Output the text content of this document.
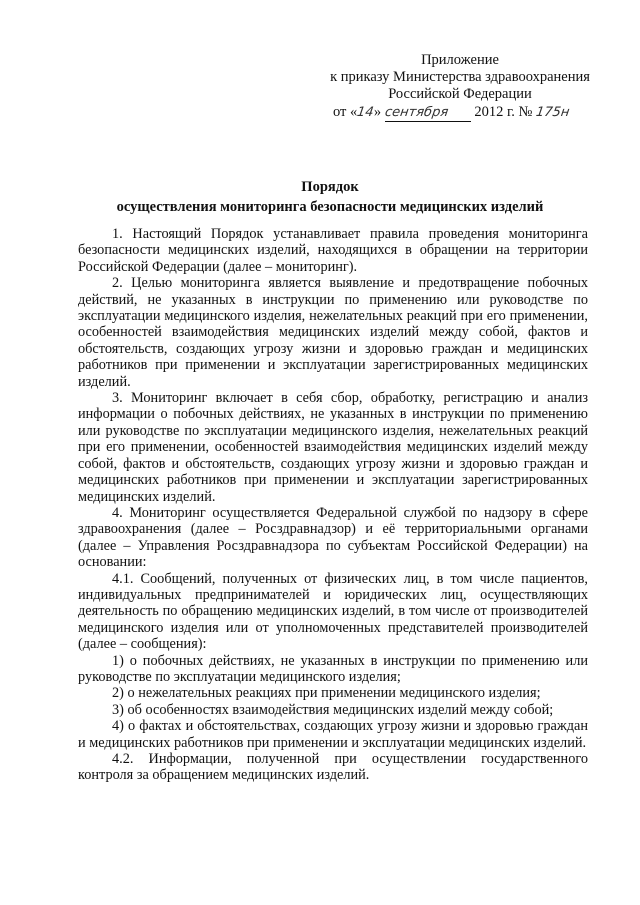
Приложение
к приказу Министерства здравоохранения
Российской Федерации
от «14» сентября 2012 г. № 175н
Порядок
осуществления мониторинга безопасности медицинских изделий

1. Настоящий Порядок устанавливает правила проведения мониторинга безопасности медицинских изделий, находящихся в обращении на территории Российской Федерации (далее – мониторинг).

2. Целью мониторинга является выявление и предотвращение побочных действий, не указанных в инструкции по применению или руководстве по эксплуатации медицинского изделия, нежелательных реакций при его применении, особенностей взаимодействия медицинских изделий между собой, фактов и обстоятельств, создающих угрозу жизни и здоровью граждан и медицинских работников при применении и эксплуатации зарегистрированных медицинских изделий.

3. Мониторинг включает в себя сбор, обработку, регистрацию и анализ информации о побочных действиях, не указанных в инструкции по применению или руководстве по эксплуатации медицинского изделия, нежелательных реакций при его применении, особенностей взаимодействия медицинских изделий между собой, фактов и обстоятельств, создающих угрозу жизни и здоровью граждан и медицинских работников при применении и эксплуатации зарегистрированных медицинских изделий.

4. Мониторинг осуществляется Федеральной службой по надзору в сфере здравоохранения (далее – Росздравнадзор) и её территориальными органами (далее – Управления Росздравнадзора по субъектам Российской Федерации) на основании:

4.1. Сообщений, полученных от физических лиц, в том числе пациентов, индивидуальных предпринимателей и юридических лиц, осуществляющих деятельность по обращению медицинских изделий, в том числе от производителей медицинского изделия или от уполномоченных представителей производителей (далее – сообщения):

1) о побочных действиях, не указанных в инструкции по применению или руководстве по эксплуатации медицинского изделия;

2) о нежелательных реакциях при применении медицинского изделия;

3) об особенностях взаимодействия медицинских изделий между собой;

4) о фактах и обстоятельствах, создающих угрозу жизни и здоровью граждан и медицинских работников при применении и эксплуатации медицинских изделий.

4.2. Информации, полученной при осуществлении государственного контроля за обращением медицинских изделий.
